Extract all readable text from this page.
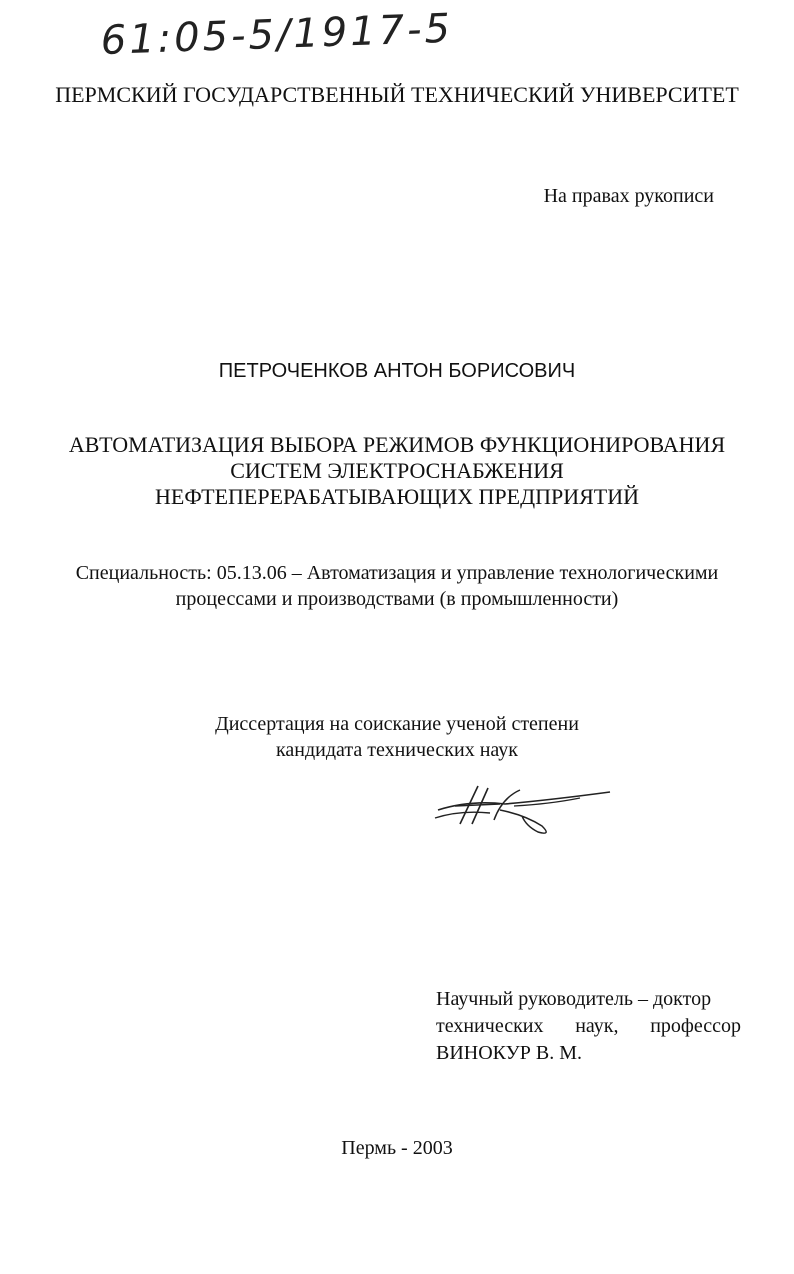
61:05-5/1917-5
ПЕРМСКИЙ ГОСУДАРСТВЕННЫЙ ТЕХНИЧЕСКИЙ УНИВЕРСИТЕТ
На правах рукописи
ПЕТРОЧЕНКОВ АНТОН БОРИСОВИЧ
АВТОМАТИЗАЦИЯ ВЫБОРА РЕЖИМОВ ФУНКЦИОНИРОВАНИЯ
СИСТЕМ ЭЛЕКТРОСНАБЖЕНИЯ
НЕФТЕПЕРЕРАБАТЫВАЮЩИХ ПРЕДПРИЯТИЙ
Специальность: 05.13.06 – Автоматизация и управление технологическими
процессами и производствами (в промышленности)
Диссертация на соискание ученой степени
кандидата технических наук
Научный руководитель – доктор
технических наук, профессор
ВИНОКУР В. М.
Пермь - 2003
